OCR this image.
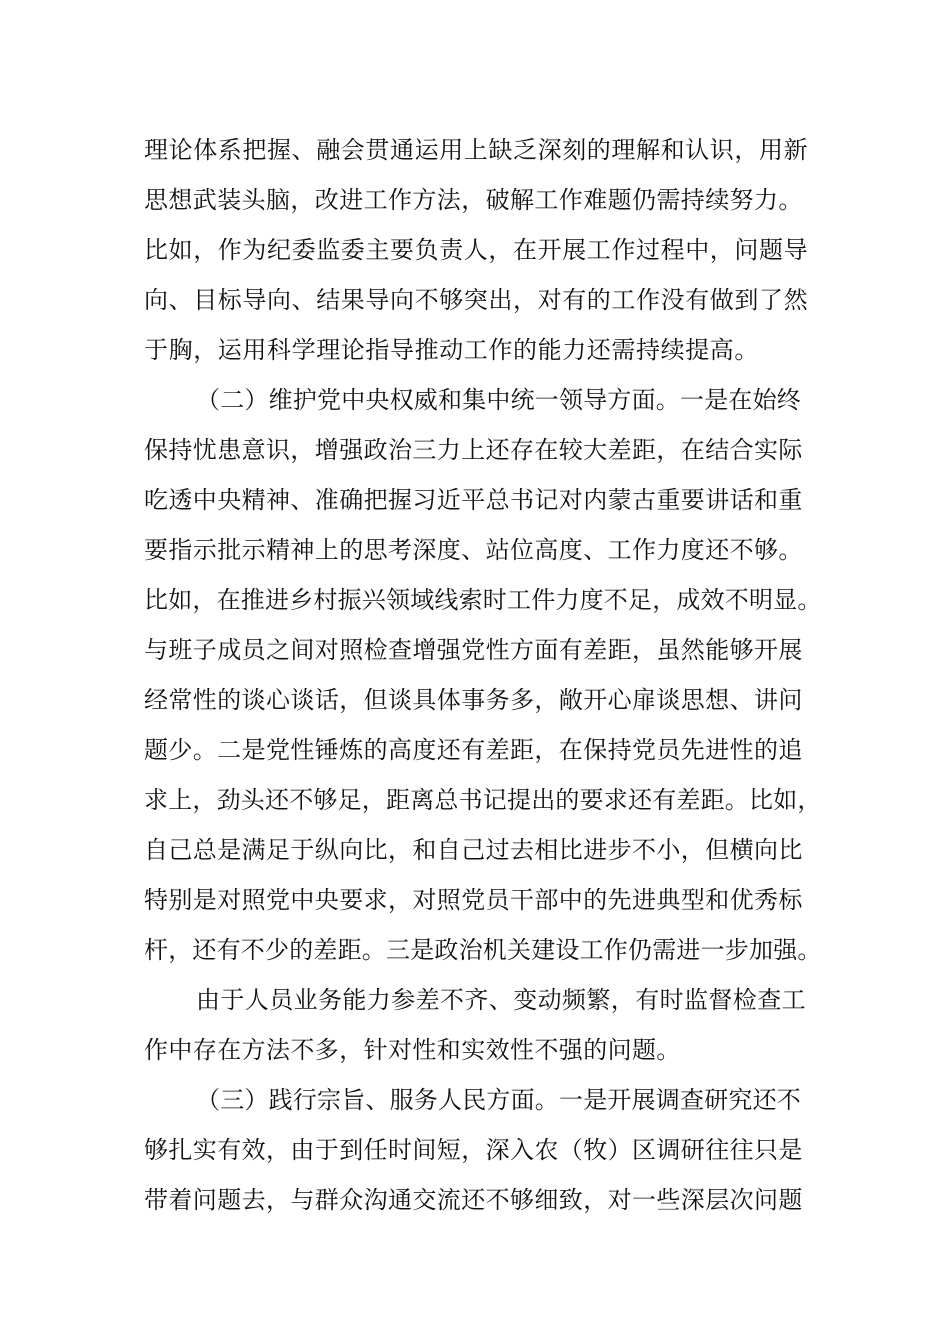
理论体系把握、融会贯通运用上缺乏深刻的理解和认识，用新
思想武装头脑，改进工作方法，破解工作难题仍需持续努力。
比如，作为纪委监委主要负责人，在开展工作过程中，问题导
向、目标导向、结果导向不够突出，对有的工作没有做到了然
于胸，运用科学理论指导推动工作的能力还需持续提高。
（二）维护党中央权威和集中统一领导方面。一是在始终
保持忧患意识，增强政治三力上还存在较大差距，在结合实际
吃透中央精神、准确把握习近平总书记对内蒙古重要讲话和重
要指示批示精神上的思考深度、站位高度、工作力度还不够。
比如，在推进乡村振兴领域线索时工件力度不足，成效不明显。
与班子成员之间对照检查增强党性方面有差距，虽然能够开展
经常性的谈心谈话，但谈具体事务多，敞开心扉谈思想、讲问
题少。二是党性锤炼的高度还有差距，在保持党员先进性的追
求上，劲头还不够足，距离总书记提出的要求还有差距。比如，
自己总是满足于纵向比，和自己过去相比进步不小，但横向比
特别是对照党中央要求，对照党员干部中的先进典型和优秀标
杆，还有不少的差距。三是政治机关建设工作仍需进一步加强。
由于人员业务能力参差不齐、变动频繁，有时监督检查工
作中存在方法不多，针对性和实效性不强的问题。
（三）践行宗旨、服务人民方面。一是开展调查研究还不
够扎实有效，由于到任时间短，深入农（牧）区调研往往只是
带着问题去，与群众沟通交流还不够细致，对一些深层次问题
